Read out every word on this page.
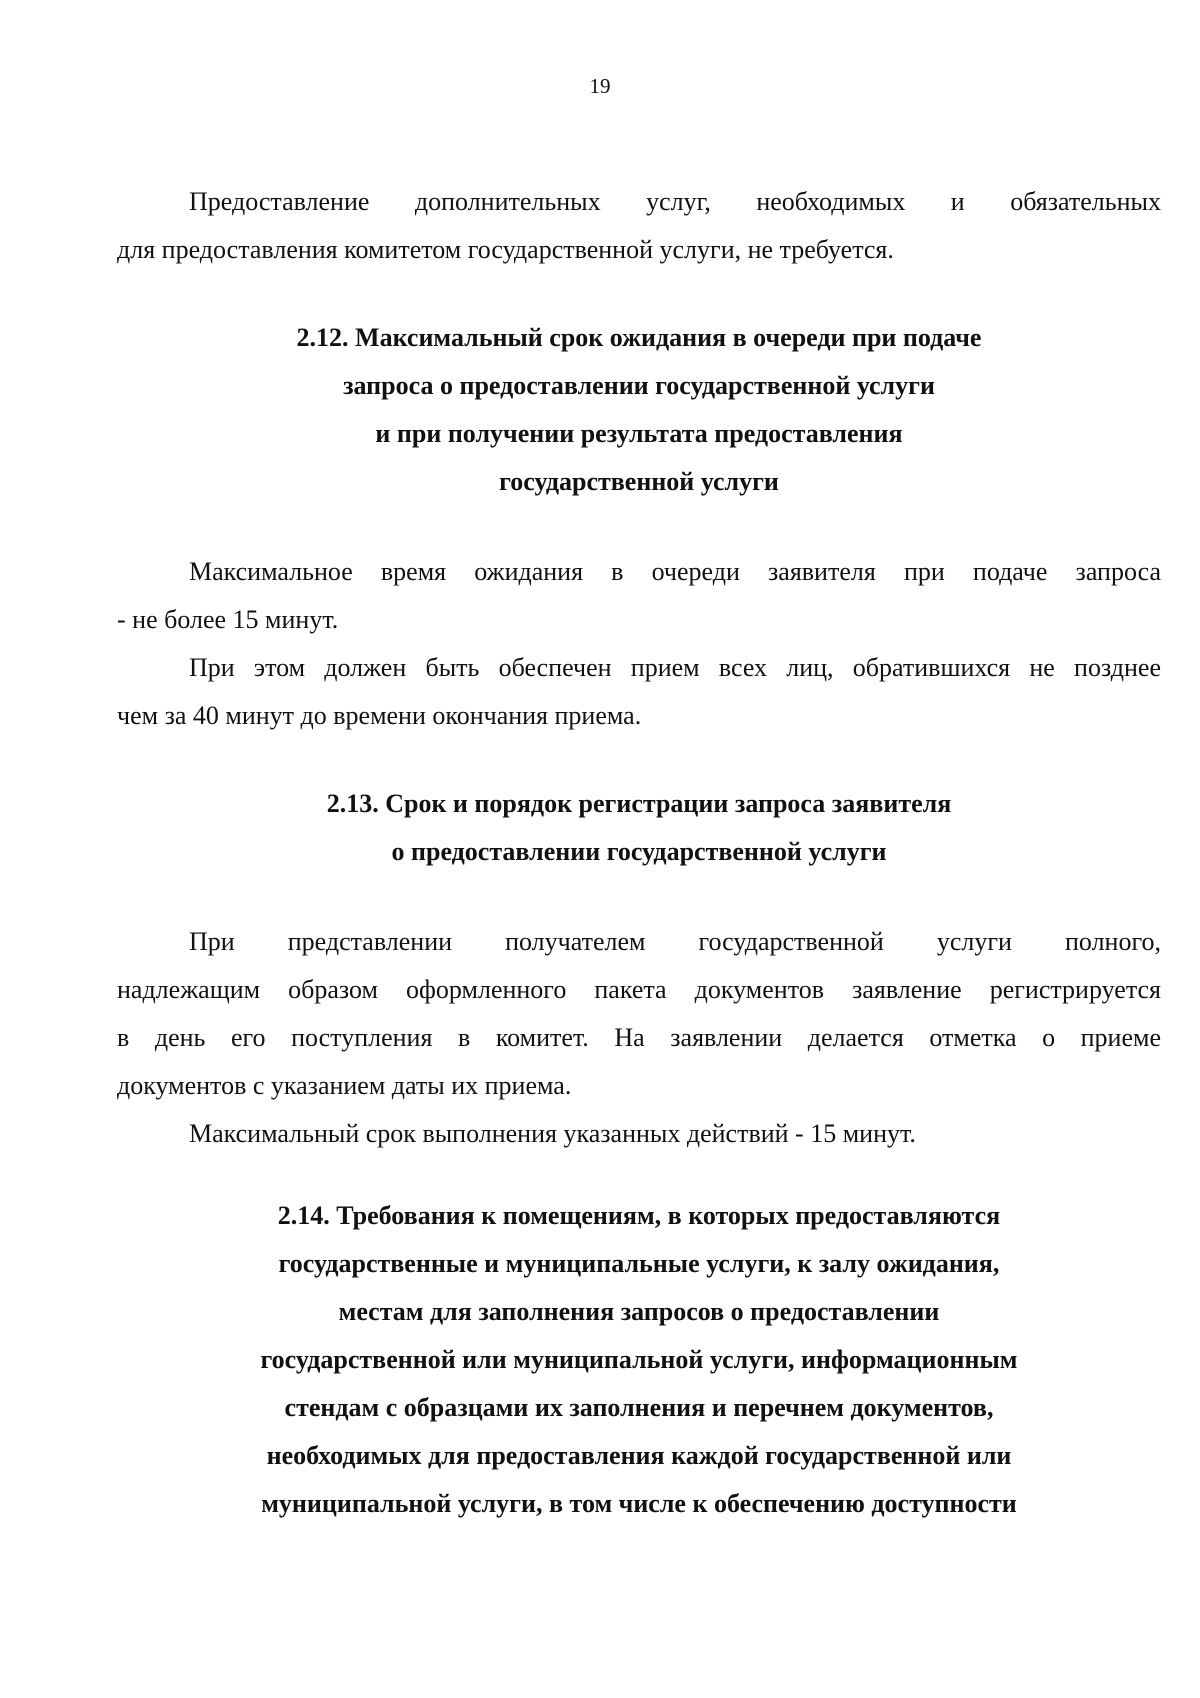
19

Предоставление дополнительных услуг, необходимых и обязательных

для предоставления комитетом государственной услуги, не требуется.

2.12. Максимальный срок ожидания в очереди при подаче
запроса о предоставлении государственной услуги
и при получении результата предоставления
государственной услуги

Максимальное время ожидания в очереди заявителя при подаче запроса

- не более 15 минут.

При этом должен быть обеспечен прием всех лиц, обратившихся не позднее

чем за 40 минут до времени окончания приема.

2.13. Срок и порядок регистрации запроса заявителя
о предоставлении государственной услуги

При представлении получателем государственной услуги полного,

надлежащим образом оформленного пакета документов заявление регистрируется

в день его поступления в комитет. На заявлении делается отметка о приеме

документов с указанием даты их приема.

Максимальный срок выполнения указанных действий - 15 минут.

2.14. Требования к помещениям, в которых предоставляются
государственные и муниципальные услуги, к залу ожидания,
местам для заполнения запросов о предоставлении
государственной или муниципальной услуги, информационным
стендам с образцами их заполнения и перечнем документов,
необходимых для предоставления каждой государственной или
муниципальной услуги, в том числе к обеспечению доступности
